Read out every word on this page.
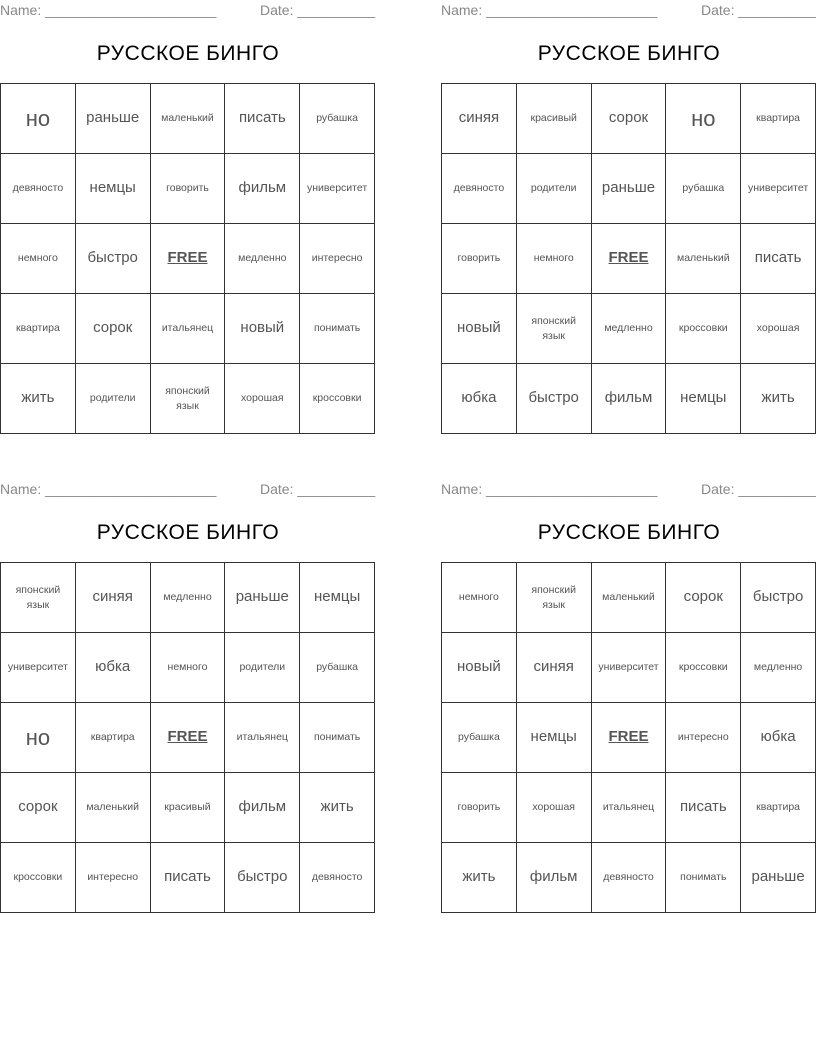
Name: ______________________	Date: __________
РУССКОЕ БИНГО
но	раньше	маленький	писать	рубашка
девяносто	немцы	говорить	фильм	университет
немного	быстро	FREE	медленно	интересно
квартира	сорок	итальянец	новый	понимать
жить	родители	японский язык	хорошая	кроссовки
Name: ______________________	Date: __________
РУССКОЕ БИНГО
синяя	красивый	сорок	но	квартира
девяносто	родители	раньше	рубашка	университет
говорить	немного	FREE	маленький	писать
новый	японский язык	медленно	кроссовки	хорошая
юбка	быстро	фильм	немцы	жить
Name: ______________________	Date: __________
РУССКОЕ БИНГО
японский язык	синяя	медленно	раньше	немцы
университет	юбка	немного	родители	рубашка
но	квартира	FREE	итальянец	понимать
сорок	маленький	красивый	фильм	жить
кроссовки	интересно	писать	быстро	девяносто
Name: ______________________	Date: __________
РУССКОЕ БИНГО
немного	японский язык	маленький	сорок	быстро
новый	синяя	университет	кроссовки	медленно
рубашка	немцы	FREE	интересно	юбка
говорить	хорошая	итальянец	писать	квартира
жить	фильм	девяносто	понимать	раньше
